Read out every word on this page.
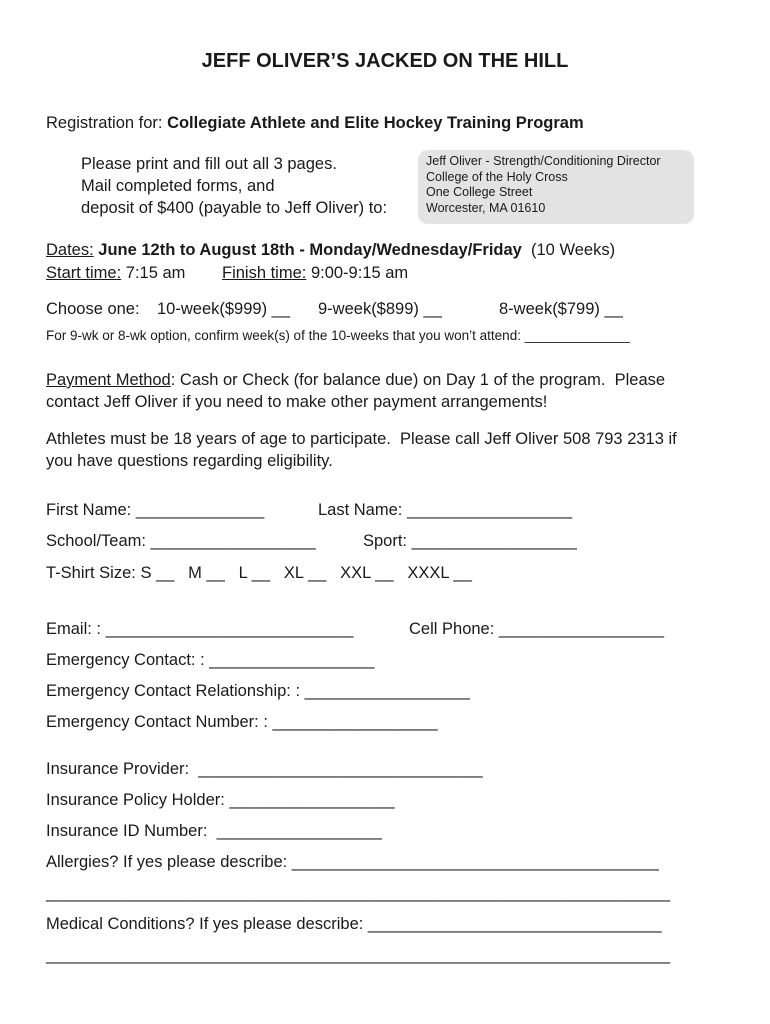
JEFF OLIVER’S JACKED ON THE HILL
Registration for: Collegiate Athlete and Elite Hockey Training Program
Please print and fill out all 3 pages.
Mail completed forms, and
deposit of $400 (payable to Jeff Oliver) to:
Jeff Oliver - Strength/Conditioning Director
College of the Holy Cross
One College Street
Worcester, MA 01610
Dates: June 12th to August 18th - Monday/Wednesday/Friday  (10 Weeks)
Start time: 7:15 am Finish time: 9:00-9:15 am
Choose one: 10-week($999) __ 9-week($899) __	8-week($799) __
For 9-wk or 8-wk option, confirm week(s) of the 10-weeks that you won’t attend: ______________
Payment Method: Cash or Check (for balance due) on Day 1 of the program.  Please
contact Jeff Oliver if you need to make other payment arrangements!
Athletes must be 18 years of age to participate.  Please call Jeff Oliver 508 793 2313 if
you have questions regarding eligibility.
First Name: ______________	Last Name: __________________
School/Team: __________________	Sport: __________________
T-Shirt Size: S __   M __   L __   XL __   XXL __   XXXL __
Email: : ___________________________	Cell Phone: __________________
Emergency Contact: : __________________
Emergency Contact Relationship: : __________________
Emergency Contact Number: : __________________
Insurance Provider:  _______________________________
Insurance Policy Holder: __________________
Insurance ID Number:  __________________
Allergies? If yes please describe: ________________________________________
____________________________________________________________________
Medical Conditions? If yes please describe: ________________________________
____________________________________________________________________
